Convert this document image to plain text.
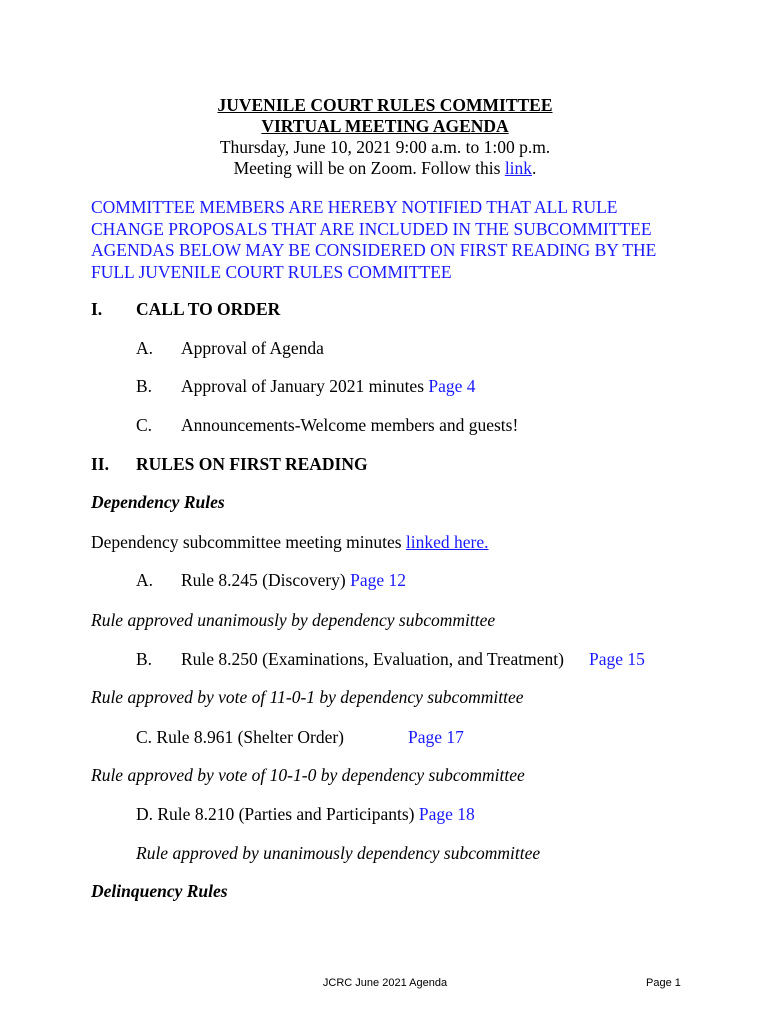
JUVENILE COURT RULES COMMITTEE
VIRTUAL MEETING AGENDA
Thursday, June 10, 2021 9:00 a.m. to 1:00 p.m.
Meeting will be on Zoom. Follow this link.
COMMITTEE MEMBERS ARE HEREBY NOTIFIED THAT ALL RULE CHANGE PROPOSALS THAT ARE INCLUDED IN THE SUBCOMMITTEE AGENDAS BELOW MAY BE CONSIDERED ON FIRST READING BY THE FULL JUVENILE COURT RULES COMMITTEE
I. CALL TO ORDER
A. Approval of Agenda
B. Approval of January 2021 minutes Page 4
C. Announcements-Welcome members and guests!
II. RULES ON FIRST READING
Dependency Rules
Dependency subcommittee meeting minutes linked here.
A. Rule 8.245 (Discovery) Page 12
Rule approved unanimously by dependency subcommittee
B. Rule 8.250 (Examinations, Evaluation, and Treatment) Page 15
Rule approved by vote of 11-0-1 by dependency subcommittee
C. Rule 8.961 (Shelter Order)	Page 17
Rule approved by vote of 10-1-0 by dependency subcommittee
D. Rule 8.210 (Parties and Participants) Page 18
Rule approved by unanimously dependency subcommittee
Delinquency Rules
JCRC June 2021 Agenda	Page 1
